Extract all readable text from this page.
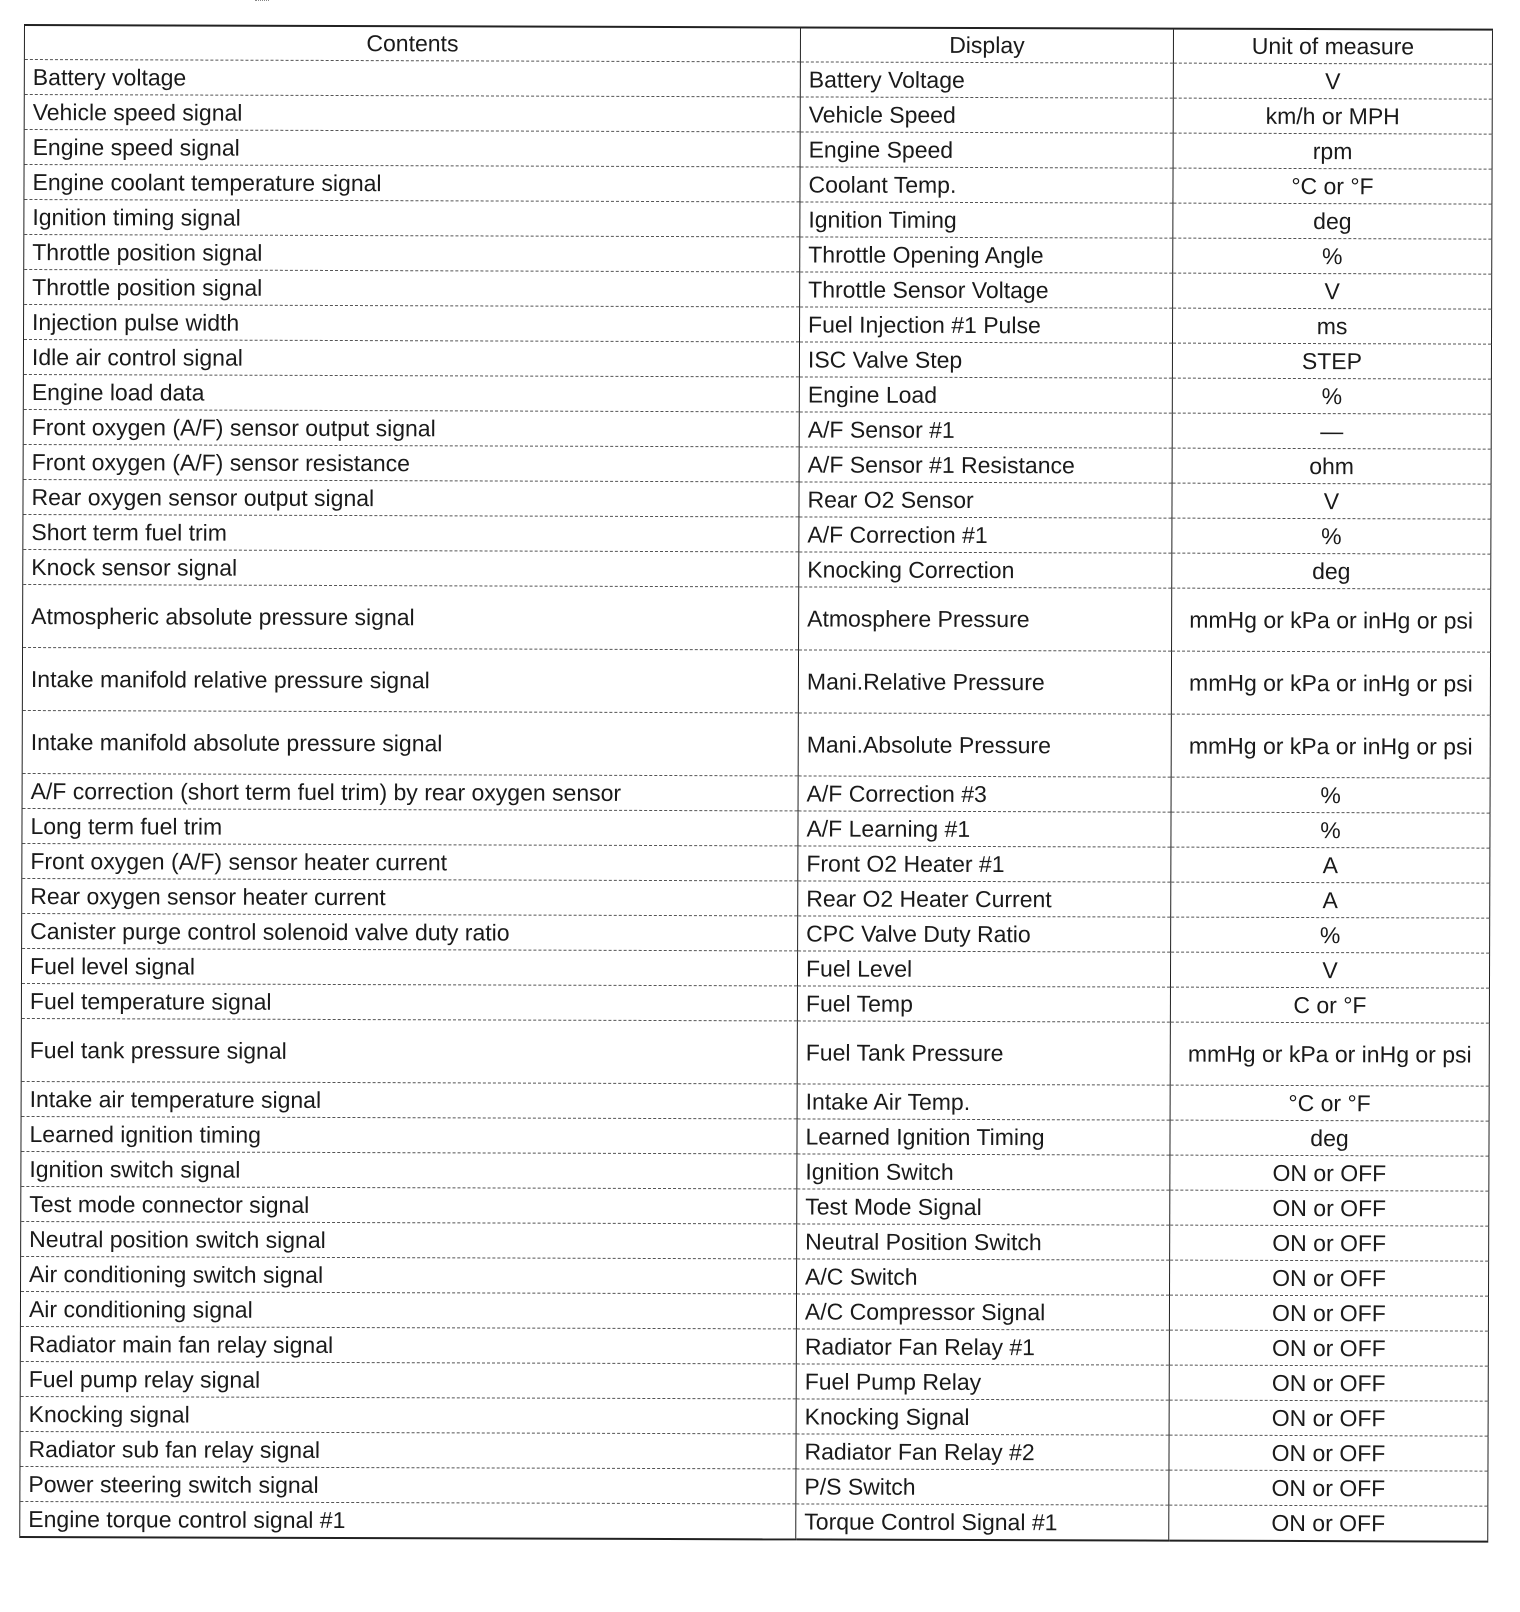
Contents	Display	Unit of measure
Battery voltage	Battery Voltage	V
Vehicle speed signal	Vehicle Speed	km/h or MPH
Engine speed signal	Engine Speed	rpm
Engine coolant temperature signal	Coolant Temp.	°C or °F
Ignition timing signal	Ignition Timing	deg
Throttle position signal	Throttle Opening Angle	%
Throttle position signal	Throttle Sensor Voltage	V
Injection pulse width	Fuel Injection #1 Pulse	ms
Idle air control signal	ISC Valve Step	STEP
Engine load data	Engine Load	%
Front oxygen (A/F) sensor output signal	A/F Sensor #1	—
Front oxygen (A/F) sensor resistance	A/F Sensor #1 Resistance	ohm
Rear oxygen sensor output signal	Rear O2 Sensor	V
Short term fuel trim	A/F Correction #1	%
Knock sensor signal	Knocking Correction	deg
Atmospheric absolute pressure signal	Atmosphere Pressure	mmHg or kPa or inHg or psi
Intake manifold relative pressure signal	Mani.Relative Pressure	mmHg or kPa or inHg or psi
Intake manifold absolute pressure signal	Mani.Absolute Pressure	mmHg or kPa or inHg or psi
A/F correction (short term fuel trim) by rear oxygen sensor	A/F Correction #3	%
Long term fuel trim	A/F Learning #1	%
Front oxygen (A/F) sensor heater current	Front O2 Heater #1	A
Rear oxygen sensor heater current	Rear O2 Heater Current	A
Canister purge control solenoid valve duty ratio	CPC Valve Duty Ratio	%
Fuel level signal	Fuel Level	V
Fuel temperature signal	Fuel Temp	C or °F
Fuel tank pressure signal	Fuel Tank Pressure	mmHg or kPa or inHg or psi
Intake air temperature signal	Intake Air Temp.	°C or °F
Learned ignition timing	Learned Ignition Timing	deg
Ignition switch signal	Ignition Switch	ON or OFF
Test mode connector signal	Test Mode Signal	ON or OFF
Neutral position switch signal	Neutral Position Switch	ON or OFF
Air conditioning switch signal	A/C Switch	ON or OFF
Air conditioning signal	A/C Compressor Signal	ON or OFF
Radiator main fan relay signal	Radiator Fan Relay #1	ON or OFF
Fuel pump relay signal	Fuel Pump Relay	ON or OFF
Knocking signal	Knocking Signal	ON or OFF
Radiator sub fan relay signal	Radiator Fan Relay #2	ON or OFF
Power steering switch signal	P/S Switch	ON or OFF
Engine torque control signal #1	Torque Control Signal #1	ON or OFF
